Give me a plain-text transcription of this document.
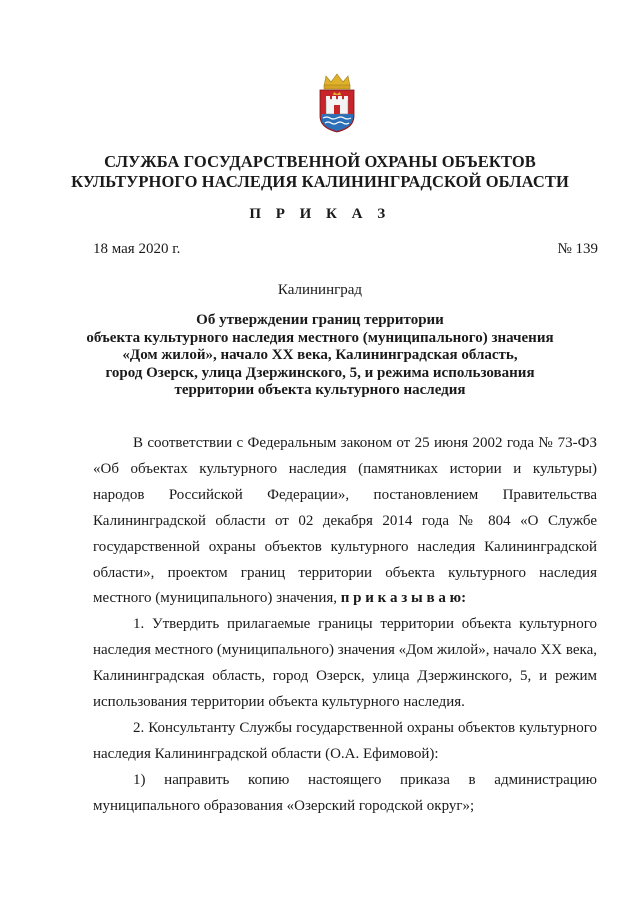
СЛУЖБА ГОСУДАРСТВЕННОЙ ОХРАНЫ ОБЪЕКТОВ
КУЛЬТУРНОГО НАСЛЕДИЯ КАЛИНИНГРАДСКОЙ ОБЛАСТИ
П Р И К А З
18 мая 2020 г.	№ 139
Калининград
Об утверждении границ территории
объекта культурного наследия местного (муниципального) значения
«Дом жилой», начало XX века, Калининградская область,
город Озерск, улица Дзержинского, 5, и режима использования
территории объекта культурного наследия

В соответствии с Федеральным законом от 25 июня 2002 года № 73-ФЗ «Об объектах культурного наследия (памятниках истории и культуры) народов Российской Федерации», постановлением Правительства Калининградской области от 02 декабря 2014 года № 804 «О Службе государственной охраны объектов культурного наследия Калининградской области», проектом границ территории объекта культурного наследия местного (муниципального) значения, п р и к а з ы в а ю:

1. Утвердить прилагаемые границы территории объекта культурного наследия местного (муниципального) значения «Дом жилой», начало XX века, Калининградская область, город Озерск, улица Дзержинского, 5, и режим использования территории объекта культурного наследия.

2. Консультанту Службы государственной охраны объектов культурного наследия Калининградской области (О.А. Ефимовой):

1) направить копию настоящего приказа в администрацию муниципального образования «Озерский городской округ»;
